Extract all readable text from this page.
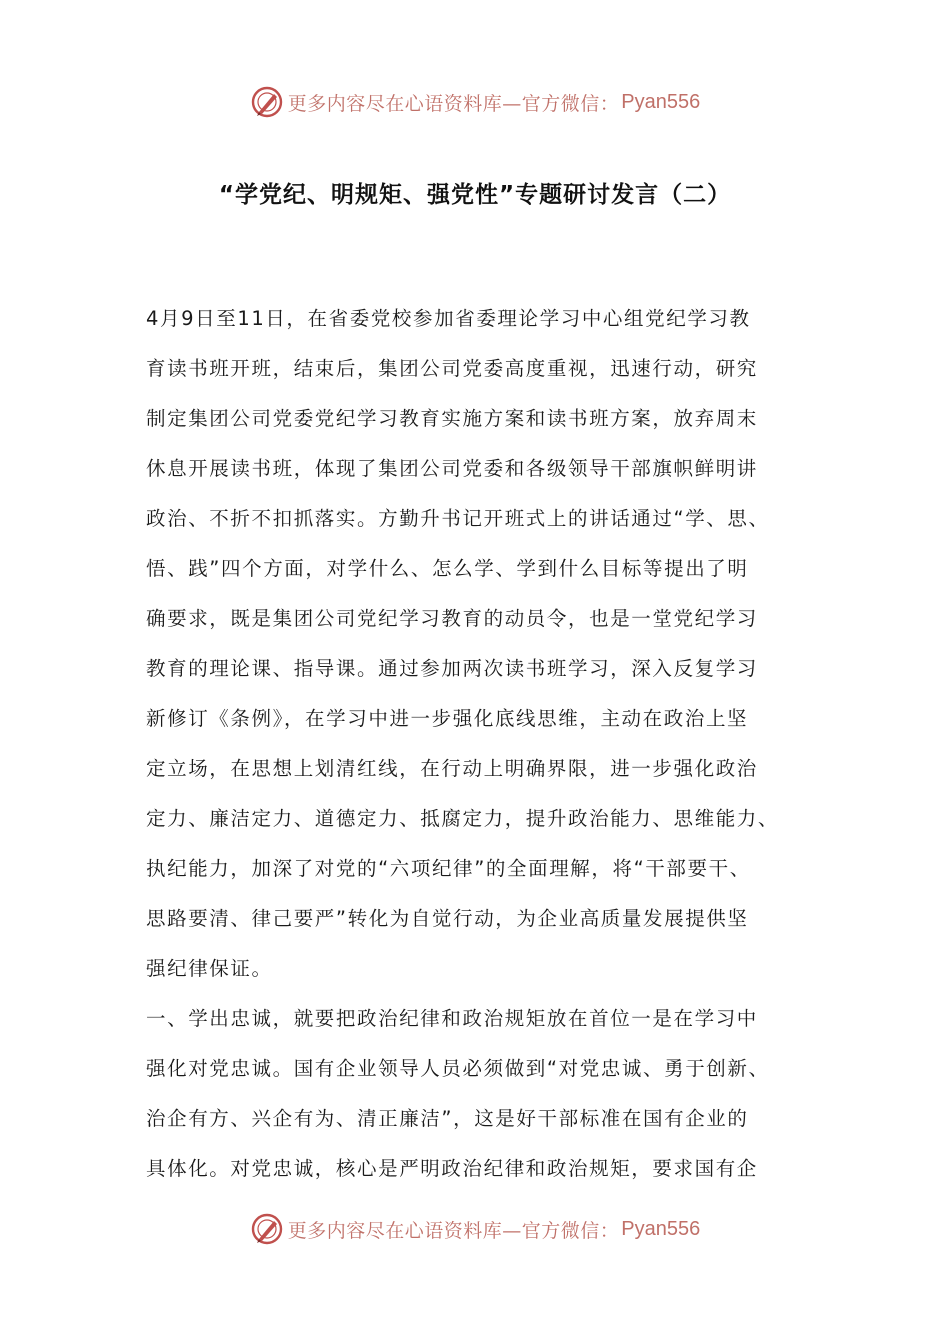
更多内容尽在心语资料库—官方微信： Pyan556
“学党纪、明规矩、强党性”专题研讨发言（二）
4月9日至11日，在省委党校参加省委理论学习中心组党纪学习教
育读书班开班，结束后，集团公司党委高度重视，迅速行动，研究
制定集团公司党委党纪学习教育实施方案和读书班方案，放弃周末
休息开展读书班，体现了集团公司党委和各级领导干部旗帜鲜明讲
政治、不折不扣抓落实。方勤升书记开班式上的讲话通过“学、思、
悟、践”四个方面，对学什么、怎么学、学到什么目标等提出了明
确要求，既是集团公司党纪学习教育的动员令，也是一堂党纪学习
教育的理论课、指导课。通过参加两次读书班学习，深入反复学习
新修订《条例》，在学习中进一步强化底线思维，主动在政治上坚
定立场，在思想上划清红线，在行动上明确界限，进一步强化政治
定力、廉洁定力、道德定力、抵腐定力，提升政治能力、思维能力、
执纪能力，加深了对党的“六项纪律”的全面理解，将“干部要干、
思路要清、律己要严”转化为自觉行动，为企业高质量发展提供坚
强纪律保证。
一、学出忠诚，就要把政治纪律和政治规矩放在首位一是在学习中
强化对党忠诚。国有企业领导人员必须做到“对党忠诚、勇于创新、
治企有方、兴企有为、清正廉洁”，这是好干部标准在国有企业的
具体化。对党忠诚，核心是严明政治纪律和政治规矩，要求国有企
更多内容尽在心语资料库—官方微信： Pyan556
